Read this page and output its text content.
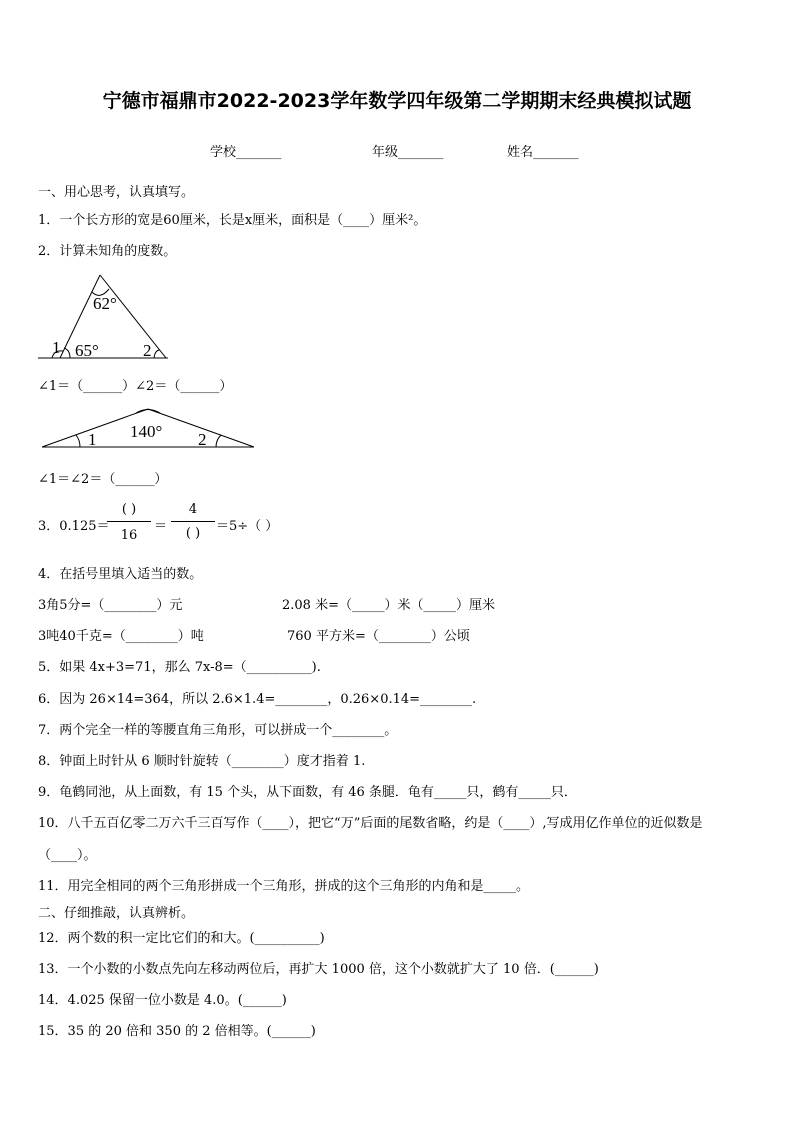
宁德市福鼎市2022-2023学年数学四年级第二学期期末经典模拟试题
学校_______	年级_______	姓名_______
一、用心思考，认真填写。
1．一个长方形的宽是60厘米，长是x厘米，面积是（____）厘米²。
2．计算未知角的度数。
62°
65°
1	2
∠1＝（______）∠2＝（______）
140°
1	2
∠1＝∠2＝（______）
3．0.125＝
( )
16
＝
4
( )	＝5÷（ ）
4．在括号里填入适当的数。
3角5分=（________）元	2.08 米=（_____）米（_____）厘米
3吨40千克=（________）吨	760 平方米=（________）公顷
5．如果 4x+3=71，那么 7x-8=（__________).
6．因为 26×14=364，所以 2.6×1.4=________，0.26×0.14=________.
7．两个完全一样的等腰直角三角形，可以拼成一个________。
8．钟面上时针从 6 顺时针旋转（________）度才指着 1.
9．龟鹤同池，从上面数，有 15 个头，从下面数，有 46 条腿．龟有_____只，鹤有_____只．
10．八千五百亿零二万六千三百写作（____），把它“万”后面的尾数省略，约是（____）,写成用亿作单位的近似数是
（____）。
11．用完全相同的两个三角形拼成一个三角形，拼成的这个三角形的内角和是_____。
二、仔细推敲，认真辨析。
12．两个数的积一定比它们的和大。(__________)
13．一个小数的小数点先向左移动两位后，再扩大 1000 倍，这个小数就扩大了 10 倍．(______)
14．4.025 保留一位小数是 4.0。(______)
15．35 的 20 倍和 350 的 2 倍相等。(______)
